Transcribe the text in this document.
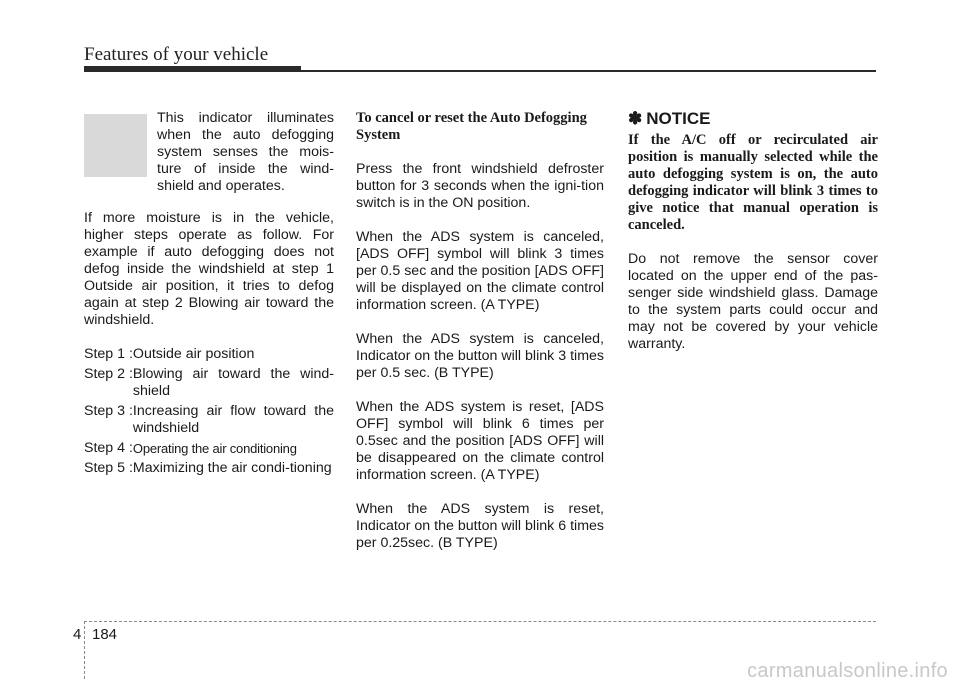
Features of your vehicle
This indicator illuminates when the auto defogging system senses the mois-ture of inside the wind-shield and operates.

If more moisture is in the vehicle, higher steps operate as follow. For example if auto defogging does not defog inside the windshield at step 1 Outside air position, it tries to defog again at step 2 Blowing air toward the windshield.

Step 1 : Outside air position
Step 2 : Blowing air toward the wind-shield
Step 3 : Increasing air flow toward the windshield
Step 4 : Operating the air conditioning
Step 5 : Maximizing the air condi-tioning
To cancel or reset the Auto Defogging System

Press the front windshield defroster button for 3 seconds when the igni-tion switch is in the ON position.

When the ADS system is canceled, [ADS OFF] symbol will blink 3 times per 0.5 sec and the position [ADS OFF] will be displayed on the climate control information screen. (A TYPE)

When the ADS system is canceled, Indicator on the button will blink 3 times per 0.5 sec. (B TYPE)

When the ADS system is reset, [ADS OFF] symbol will blink 6 times per 0.5sec and the position [ADS OFF] will be disappeared on the climate control information screen. (A TYPE)

When the ADS system is reset, Indicator on the button will blink 6 times per 0.25sec. (B TYPE)

✽ NOTICE
If the A/C off or recirculated air position is manually selected while the auto defogging system is on, the auto defogging indicator will blink 3 times to give notice that manual operation is canceled.

Do not remove the sensor cover located on the upper end of the pas-senger side windshield glass. Damage to the system parts could occur and may not be covered by your vehicle warranty.

4 184
carmanualsonline.info
